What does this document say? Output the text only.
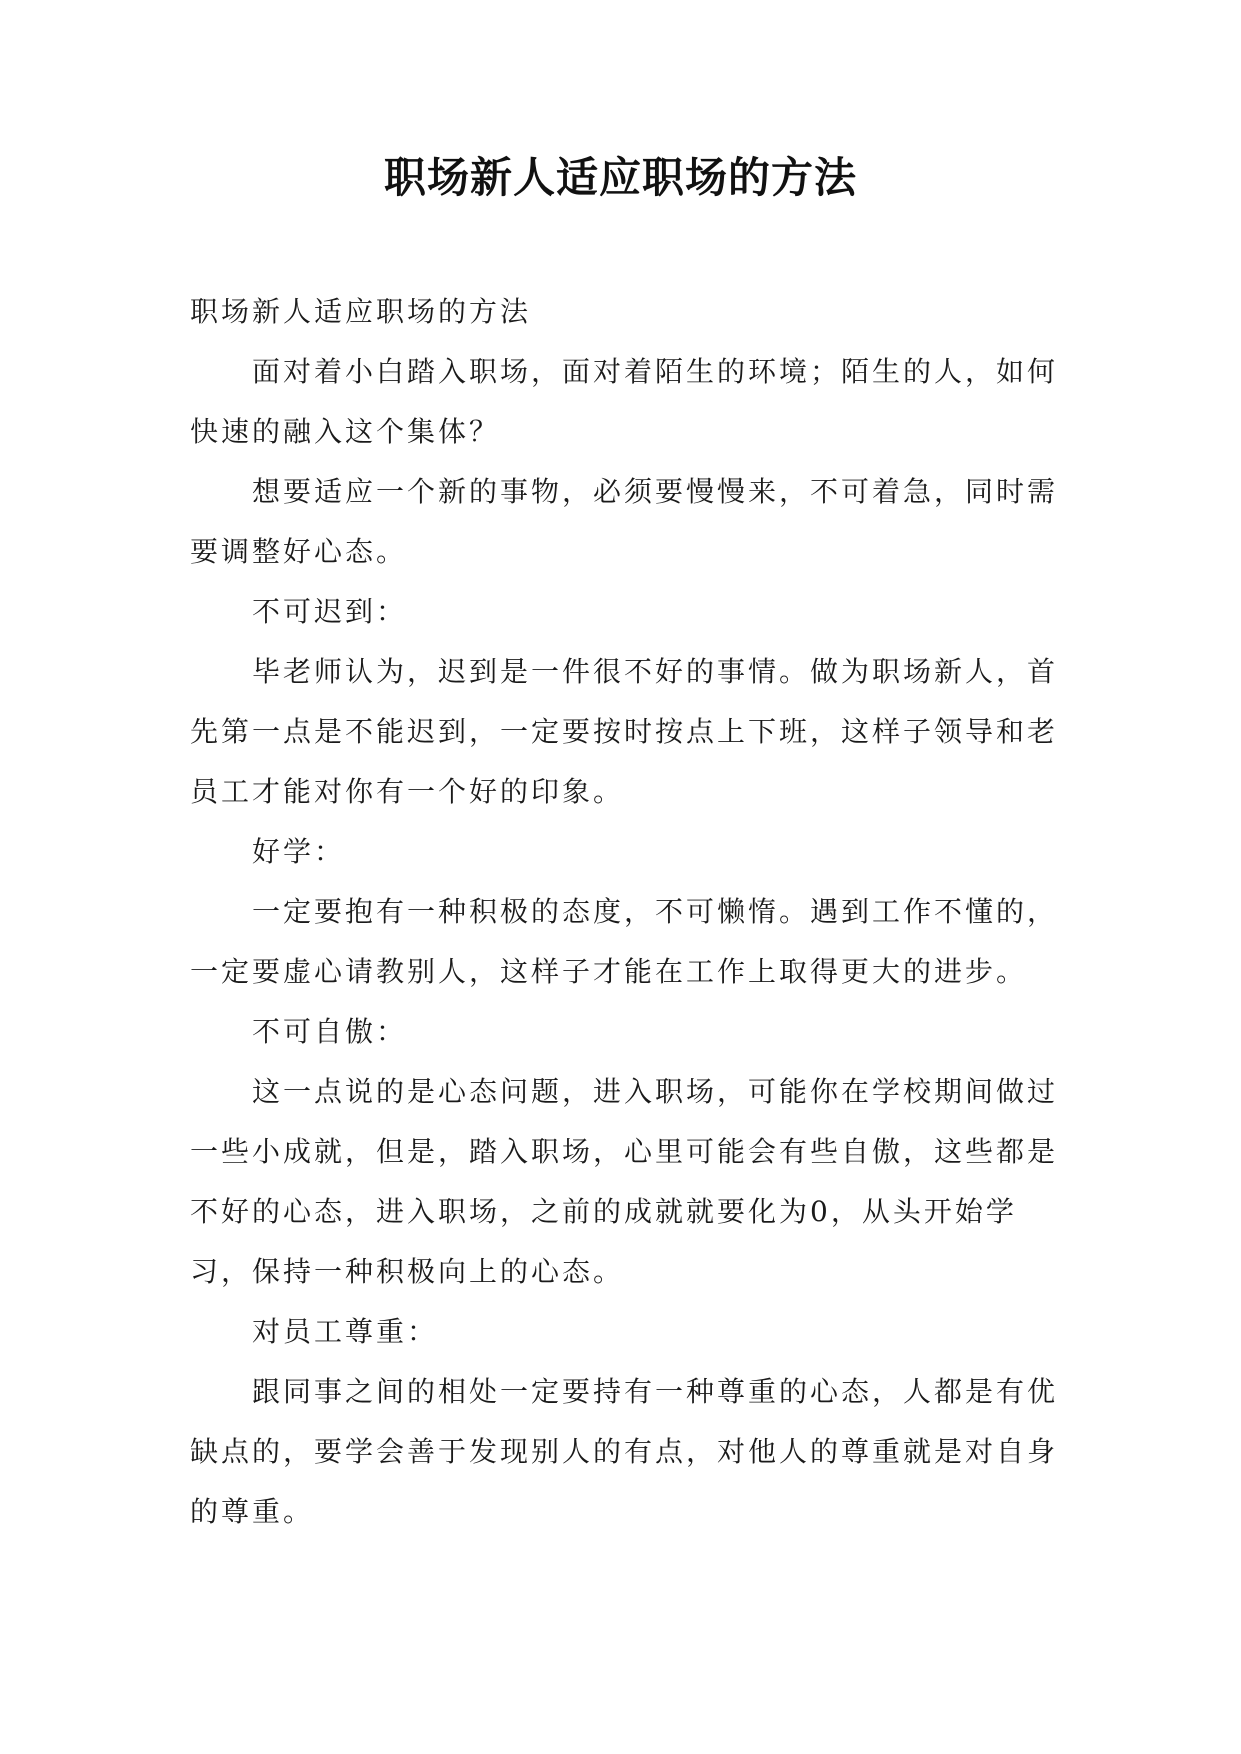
职场新人适应职场的方法

职场新人适应职场的方法

面对着小白踏入职场，面对着陌生的环境；陌生的人，如何快速的融入这个集体？

想要适应一个新的事物，必须要慢慢来，不可着急，同时需要调整好心态。

不可迟到：

毕老师认为，迟到是一件很不好的事情。做为职场新人，首先第一点是不能迟到，一定要按时按点上下班，这样子领导和老员工才能对你有一个好的印象。

好学：

一定要抱有一种积极的态度，不可懒惰。遇到工作不懂的，一定要虚心请教别人，这样子才能在工作上取得更大的进步。

不可自傲：

这一点说的是心态问题，进入职场，可能你在学校期间做过一些小成就，但是，踏入职场，心里可能会有些自傲，这些都是不好的心态，进入职场，之前的成就就要化为0，从头开始学习，保持一种积极向上的心态。

对员工尊重：

跟同事之间的相处一定要持有一种尊重的心态，人都是有优缺点的，要学会善于发现别人的有点，对他人的尊重就是对自身的尊重。
